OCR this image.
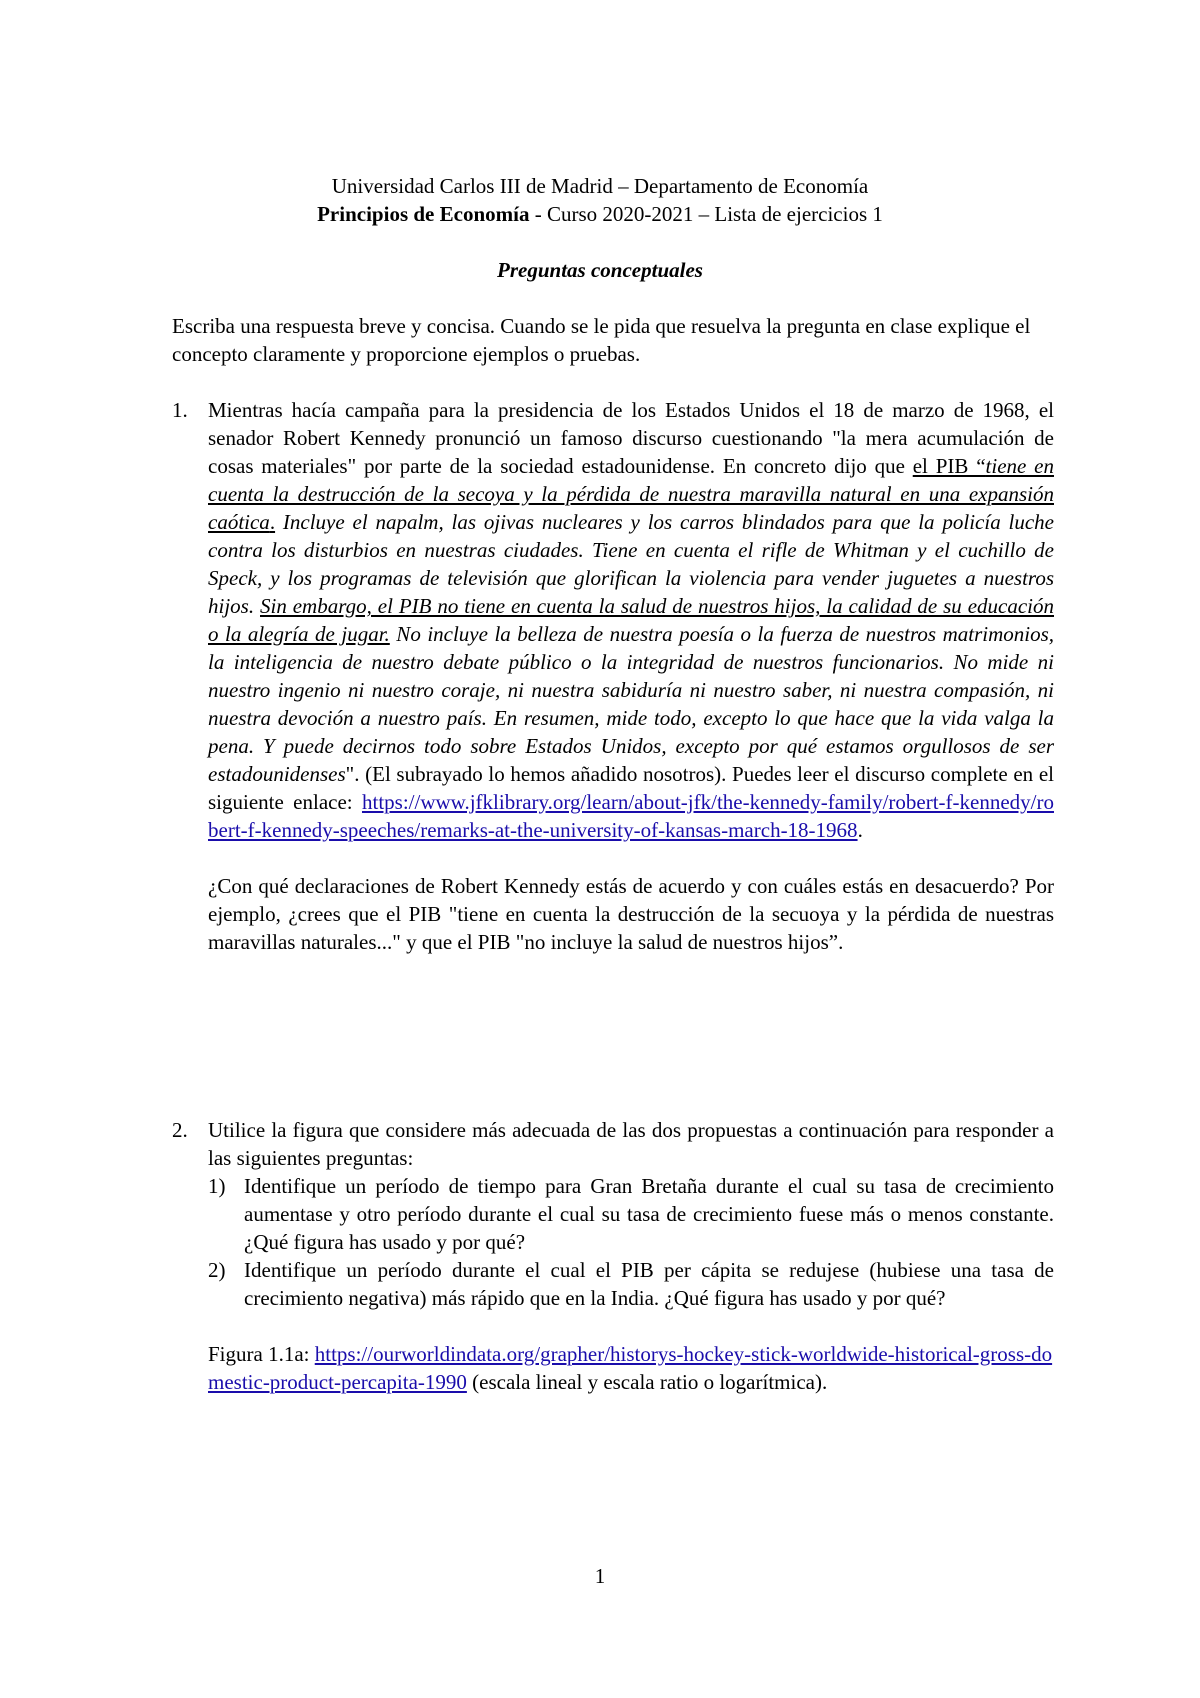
Universidad Carlos III de Madrid – Departamento de Economía
Principios de Economía - Curso 2020-2021 – Lista de ejercicios 1
Preguntas conceptuales
Escriba una respuesta breve y concisa. Cuando se le pida que resuelva la pregunta en clase explique el concepto claramente y proporcione ejemplos o pruebas.
1. Mientras hacía campaña para la presidencia de los Estados Unidos el 18 de marzo de 1968, el senador Robert Kennedy pronunció un famoso discurso cuestionando "la mera acumulación de cosas materiales" por parte de la sociedad estadounidense. En concreto dijo que el PIB “tiene en cuenta la destrucción de la secoya y la pérdida de nuestra maravilla natural en una expansión caótica. Incluye el napalm, las ojivas nucleares y los carros blindados para que la policía luche contra los disturbios en nuestras ciudades. Tiene en cuenta el rifle de Whitman y el cuchillo de Speck, y los programas de televisión que glorifican la violencia para vender juguetes a nuestros hijos. Sin embargo, el PIB no tiene en cuenta la salud de nuestros hijos, la calidad de su educación o la alegría de jugar. No incluye la belleza de nuestra poesía o la fuerza de nuestros matrimonios, la inteligencia de nuestro debate público o la integridad de nuestros funcionarios. No mide ni nuestro ingenio ni nuestro coraje, ni nuestra sabiduría ni nuestro saber, ni nuestra compasión, ni nuestra devoción a nuestro país. En resumen, mide todo, excepto lo que hace que la vida valga la pena. Y puede decirnos todo sobre Estados Unidos, excepto por qué estamos orgullosos de ser estadounidenses". (El subrayado lo hemos añadido nosotros). Puedes leer el discurso complete en el siguiente enlace: https://www.jfklibrary.org/learn/about-jfk/the-kennedy-family/robert-f-kennedy/robert-f-kennedy-speeches/remarks-at-the-university-of-kansas-march-18-1968.

¿Con qué declaraciones de Robert Kennedy estás de acuerdo y con cuáles estás en desacuerdo? Por ejemplo, ¿crees que el PIB "tiene en cuenta la destrucción de la secuoya y la pérdida de nuestras maravillas naturales..." y que el PIB "no incluye la salud de nuestros hijos”.

2. Utilice la figura que considere más adecuada de las dos propuestas a continuación para responder a las siguientes preguntas:

1) Identifique un período de tiempo para Gran Bretaña durante el cual su tasa de crecimiento aumentase y otro período durante el cual su tasa de crecimiento fuese más o menos constante. ¿Qué figura has usado y por qué?
2) Identifique un período durante el cual el PIB per cápita se redujese (hubiese una tasa de crecimiento negativa) más rápido que en la India. ¿Qué figura has usado y por qué?

Figura 1.1a: https://ourworldindata.org/grapher/historys-hockey-stick-worldwide-historical-gross-domestic-product-percapita-1990 (escala lineal y escala ratio o logarítmica).

1
